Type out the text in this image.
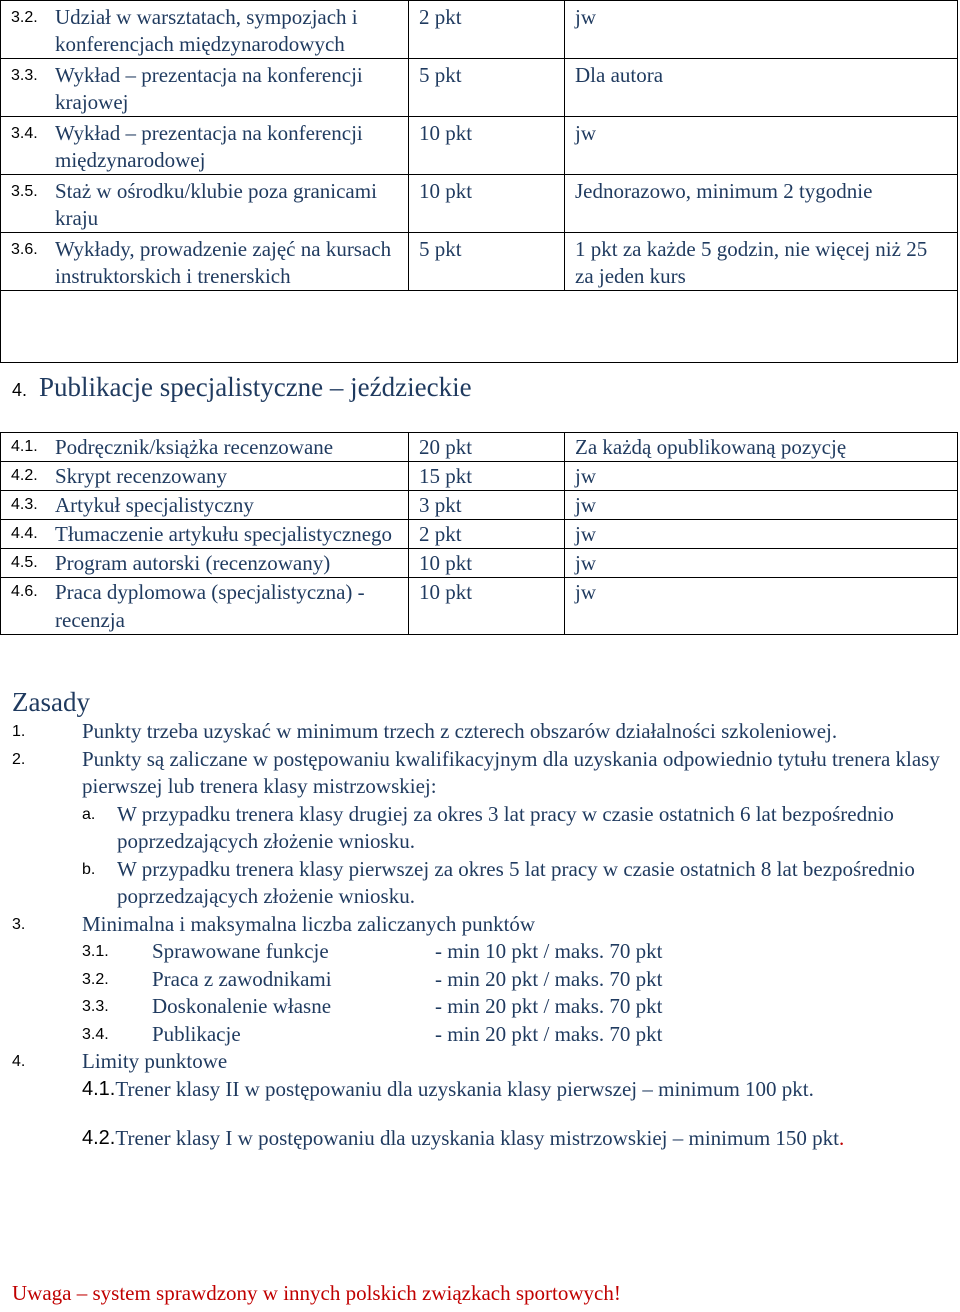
3.2. Udział w warsztatach, sympozjach i konferencjach międzynarodowych	2 pkt	jw

3.3. Wykład – prezentacja na konferencji krajowej	5 pkt	Dla autora

3.4. Wykład – prezentacja na konferencji międzynarodowej	10 pkt	jw

3.5. Staż w ośrodku/klubie poza granicami kraju	10 pkt	Jednorazowo, minimum 2 tygodnie

3.6. Wykłady, prowadzenie zajęć na kursach instruktorskich i trenerskich	5 pkt	1 pkt za każde 5 godzin, nie więcej niż 25 za jeden kurs

4. Publikacje specjalistyczne – jeździeckie
4.1. Podręcznik/książka recenzowane	20 pkt	Za każdą opublikowaną pozycję

4.2. Skrypt recenzowany	15 pkt	jw

4.3. Artykuł specjalistyczny	3 pkt	jw

4.4. Tłumaczenie artykułu specjalistycznego	2 pkt	jw

4.5. Program autorski (recenzowany)	10 pkt	jw

4.6. Praca dyplomowa (specjalistyczna) - recenzja	10 pkt	jw
Zasady
1.	Punkty trzeba uzyskać w minimum trzech z czterech obszarów działalności szkoleniowej.
2.	Punkty są zaliczane w postępowaniu kwalifikacyjnym dla uzyskania odpowiednio tytułu trenera klasy pierwszej lub trenera klasy mistrzowskiej:
a.	W przypadku trenera klasy drugiej za okres 3 lat pracy w czasie ostatnich 6 lat bezpośrednio poprzedzających złożenie wniosku.
b.	W przypadku trenera klasy pierwszej za okres 5 lat pracy w czasie ostatnich 8 lat bezpośrednio poprzedzających złożenie wniosku.
3.	Minimalna i maksymalna liczba zaliczanych punktów
3.1.	Sprawowane funkcje	- min 10 pkt / maks. 70 pkt
3.2.	Praca z zawodnikami	- min 20 pkt / maks. 70 pkt
3.3.	Doskonalenie własne	- min 20 pkt / maks. 70 pkt
3.4.	Publikacje	- min 20 pkt / maks. 70 pkt
4.	Limity punktowe
4.1. Trener klasy II w postępowaniu dla uzyskania klasy pierwszej – minimum 100 pkt.
4.2. Trener klasy I w postępowaniu dla uzyskania klasy mistrzowskiej – minimum 150 pkt .
Uwaga – system sprawdzony w innych polskich związkach sportowych!
